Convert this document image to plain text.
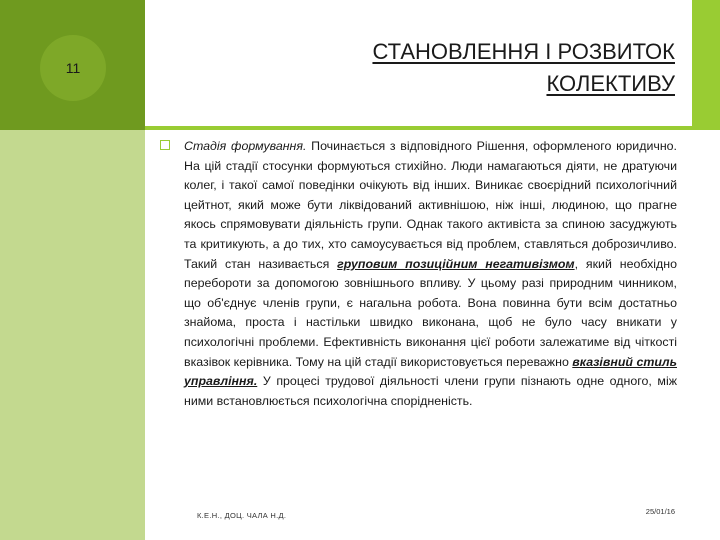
11
СТАНОВЛЕННЯ І РОЗВИТОК КОЛЕКТИВУ
Стадія формування. Починається з відповідного Рішення, оформленого юридично. На цій стадії стосунки формуються стихійно. Люди намагаються діяти, не дратуючи колег, і такої самої поведінки очікують від інших. Виникає своєрідний психологічний цейтнот, який може бути ліквідований активнішою, ніж інші, людиною, що прагне якось спрямовувати діяльність групи. Однак такого активіста за спиною засуджують та критикують, а до тих, хто самоусувається від проблем, ставляться доброзичливо. Такий стан називається груповим позиційним негативізмом, який необхідно перебороти за допомогою зовнішнього впливу. У цьому разі природним чинником, що об'єднує членів групи, є нагальна робота. Вона повинна бути всім достатньо знайома, проста і настільки швидко виконана, щоб не було часу вникати у психологічні проблеми. Ефективність виконання цієї роботи залежатиме від чіткості вказівок керівника. Тому на цій стадії використовується переважно вказівний стиль управління. У процесі трудової діяльності члени групи пізнають одне одного, між ними встановлюється психологічна спорідненість.
К.Е.Н., ДОЦ. ЧАЛА Н.Д.	25/01/16
